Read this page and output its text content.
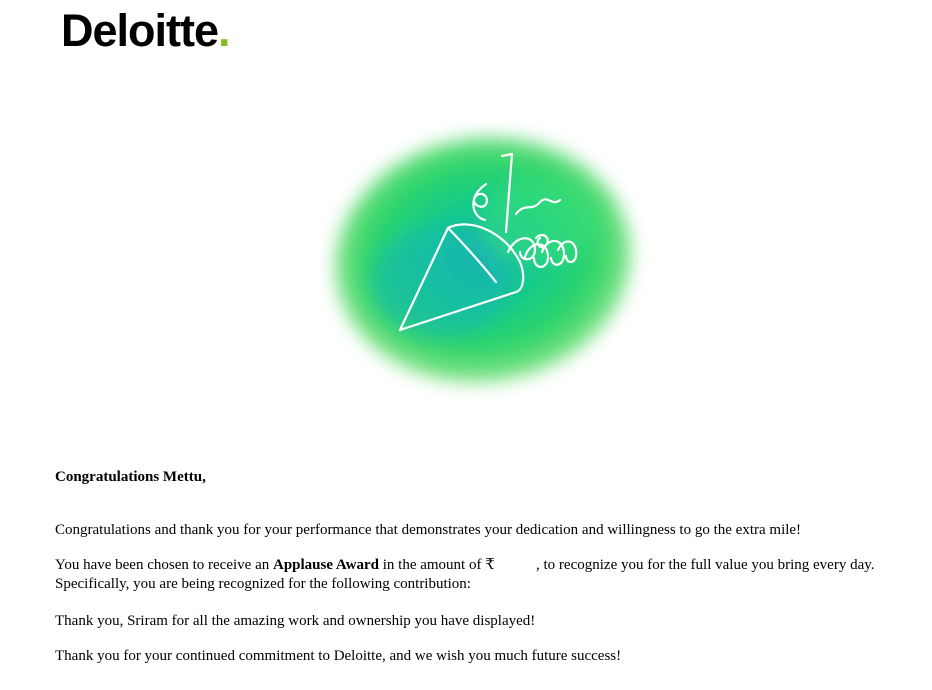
Deloitte.
Congratulations Mettu,
Congratulations and thank you for your performance that demonstrates your dedication and willingness to go the extra mile!
You have been chosen to receive an Applause Award in the amount of ₹	, to recognize you for the full value you bring every day. Specifically, you are being recognized for the following contribution:
Thank you, Sriram for all the amazing work and ownership you have displayed!
Thank you for your continued commitment to Deloitte, and we wish you much future success!
